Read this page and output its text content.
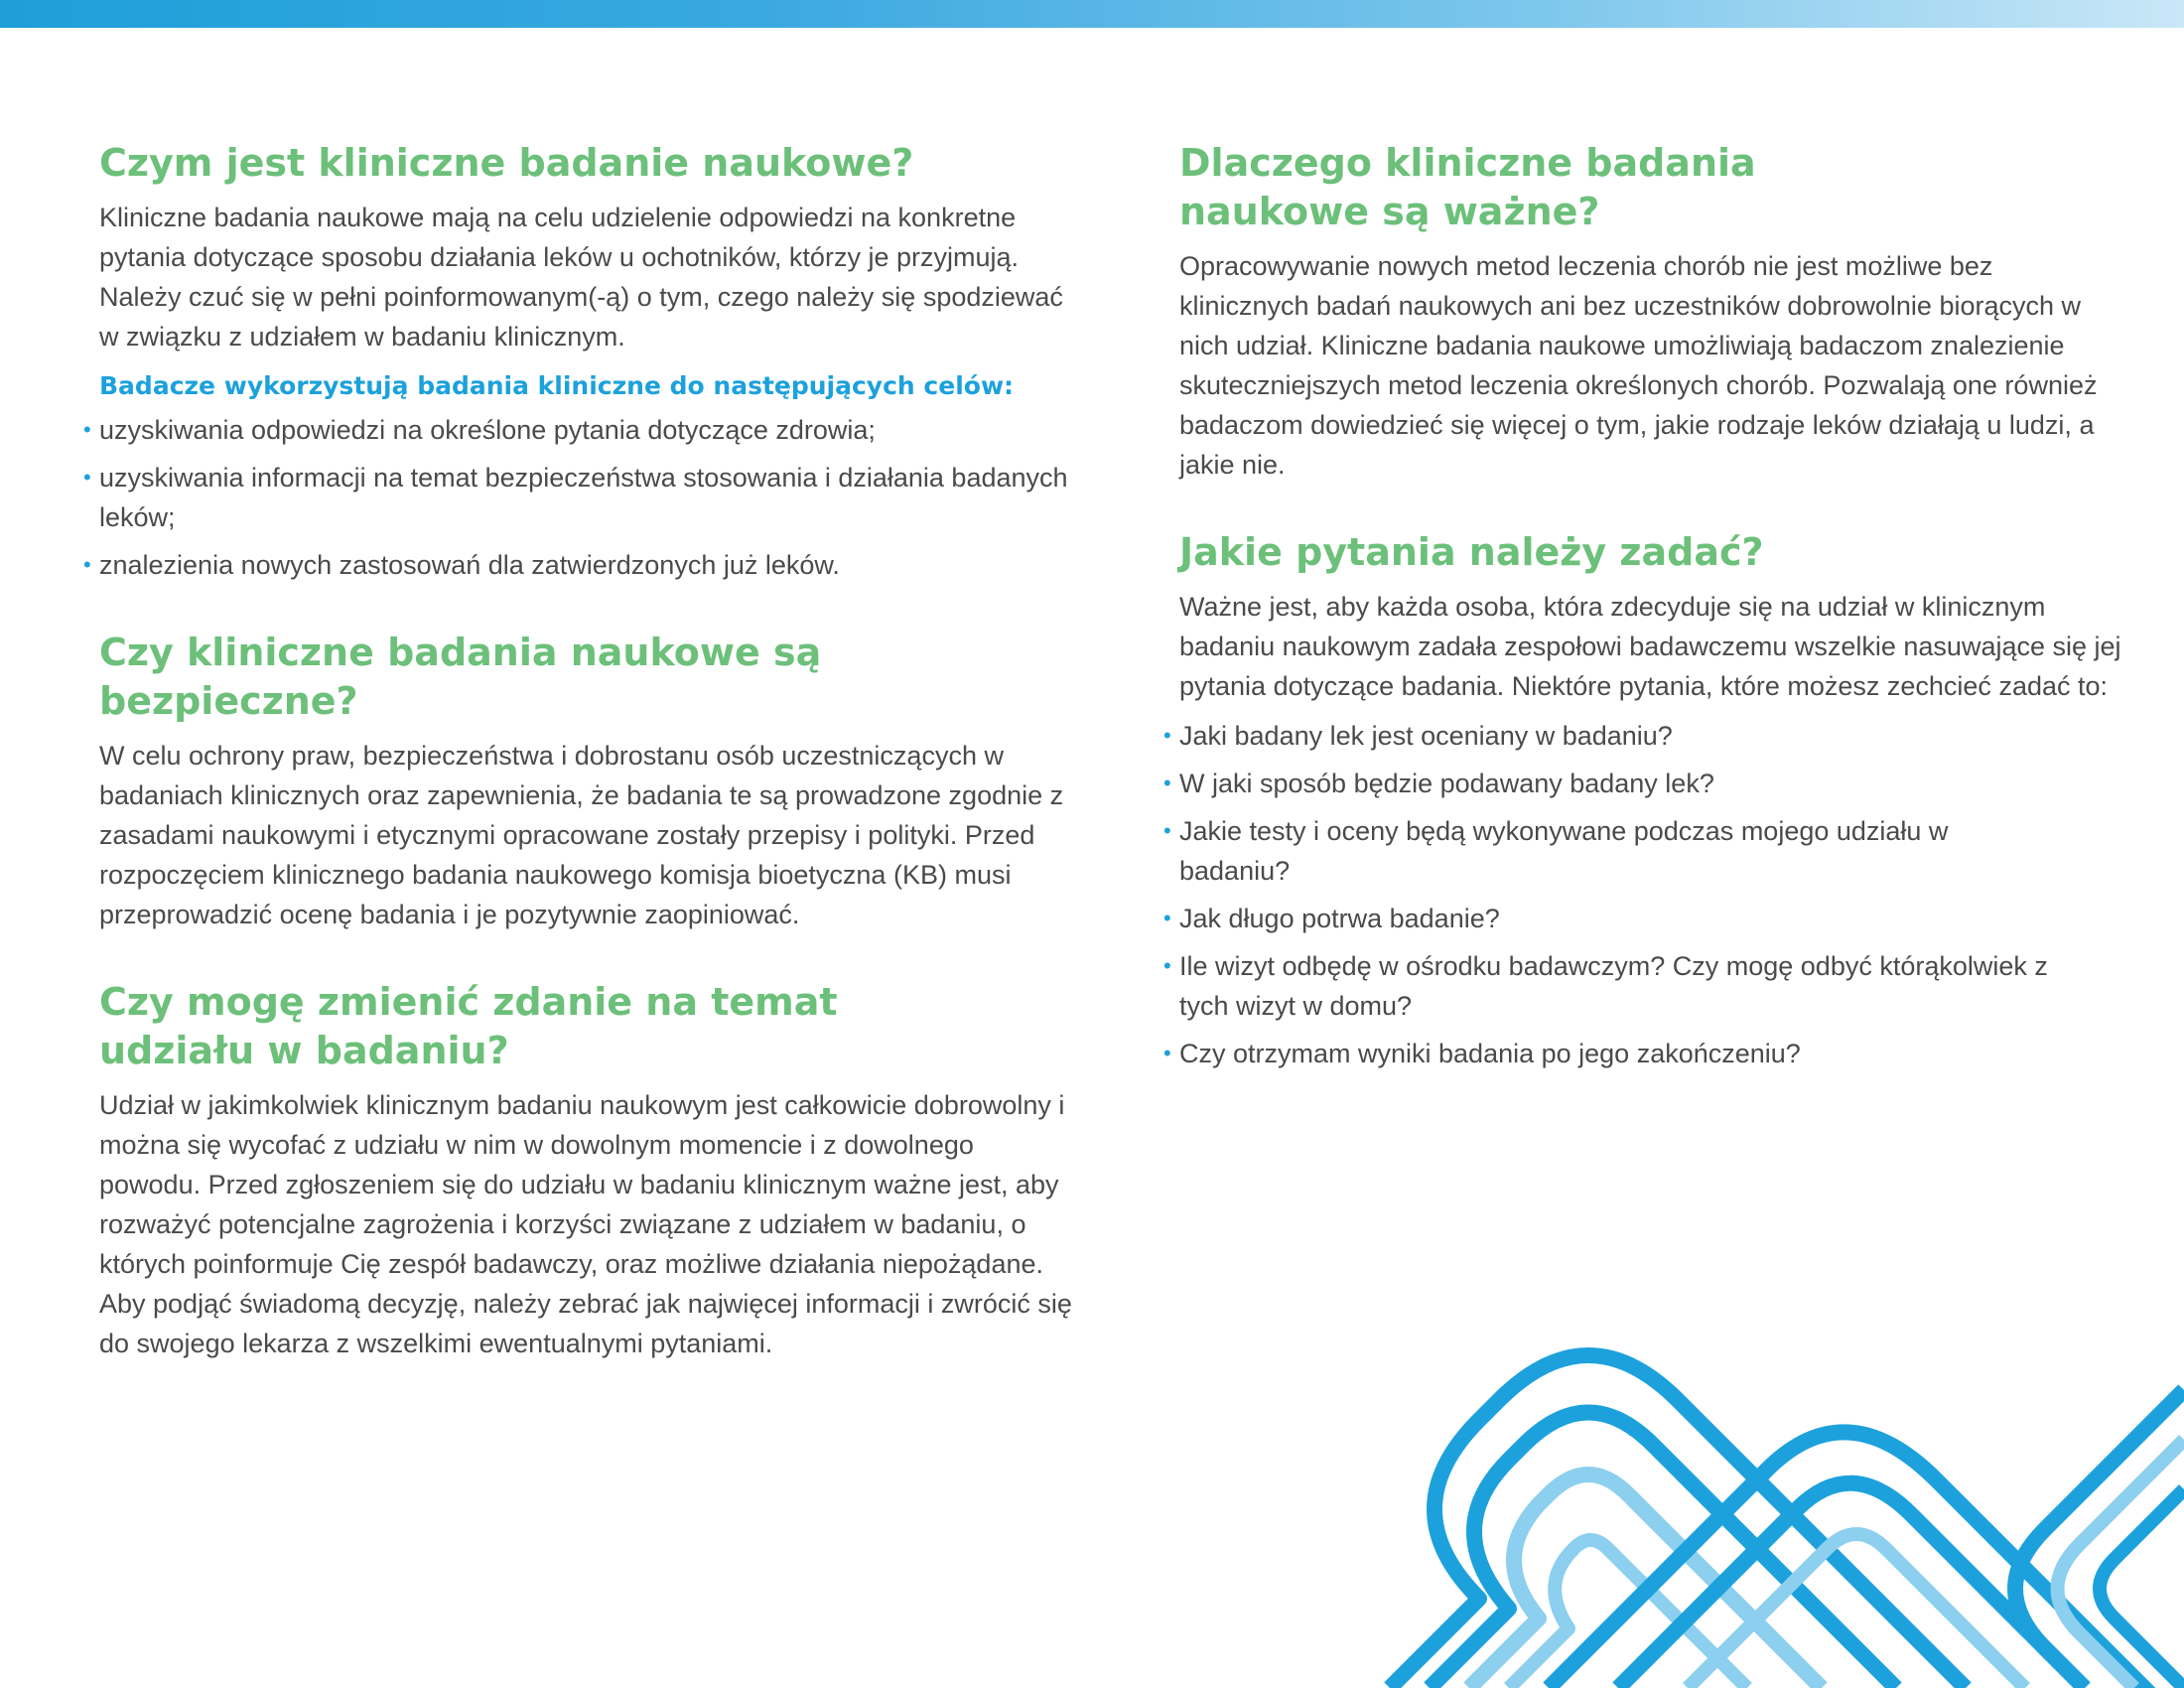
Czym jest kliniczne badanie naukowe?

Kliniczne badania naukowe mają na celu udzielenie odpowiedzi na konkretne pytania dotyczące sposobu działania leków u ochotników, którzy je przyjmują. Należy czuć się w pełni poinformowanym(-ą) o tym, czego należy się spodziewać w związku z udziałem w badaniu klinicznym.

Badacze wykorzystują badania kliniczne do następujących celów:
• uzyskiwania odpowiedzi na określone pytania dotyczące zdrowia;
• uzyskiwania informacji na temat bezpieczeństwa stosowania i działania badanych leków;
• znalezienia nowych zastosowań dla zatwierdzonych już leków.
Czy kliniczne badania naukowe są bezpieczne?

W celu ochrony praw, bezpieczeństwa i dobrostanu osób uczestniczących w badaniach klinicznych oraz zapewnienia, że badania te są prowadzone zgodnie z zasadami naukowymi i etycznymi opracowane zostały przepisy i polityki. Przed rozpoczęciem klinicznego badania naukowego komisja bioetyczna (KB) musi przeprowadzić ocenę badania i je pozytywnie zaopiniować.

Czy mogę zmienić zdanie na temat udziału w badaniu?

Udział w jakimkolwiek klinicznym badaniu naukowym jest całkowicie dobrowolny i można się wycofać z udziału w nim w dowolnym momencie i z dowolnego powodu. Przed zgłoszeniem się do udziału w badaniu klinicznym ważne jest, aby rozważyć potencjalne zagrożenia i korzyści związane z udziałem w badaniu, o których poinformuje Cię zespół badawczy, oraz możliwe działania niepożądane. Aby podjąć świadomą decyzję, należy zebrać jak najwięcej informacji i zwrócić się do swojego lekarza z wszelkimi ewentualnymi pytaniami.

Dlaczego kliniczne badania naukowe są ważne?

Opracowywanie nowych metod leczenia chorób nie jest możliwe bez klinicznych badań naukowych ani bez uczestników dobrowolnie biorących w nich udział. Kliniczne badania naukowe umożliwiają badaczom znalezienie skuteczniejszych metod leczenia określonych chorób. Pozwalają one również badaczom dowiedzieć się więcej o tym, jakie rodzaje leków działają u ludzi, a jakie nie.

Jakie pytania należy zadać?

Ważne jest, aby każda osoba, która zdecyduje się na udział w klinicznym badaniu naukowym zadała zespołowi badawczemu wszelkie nasuwające się jej pytania dotyczące badania. Niektóre pytania, które możesz zechcieć zadać to:

• Jaki badany lek jest oceniany w badaniu?
• W jaki sposób będzie podawany badany lek?
• Jakie testy i oceny będą wykonywane podczas mojego udziału w badaniu?
• Jak długo potrwa badanie?
• Ile wizyt odbędę w ośrodku badawczym? Czy mogę odbyć którąkolwiek z tych wizyt w domu?
• Czy otrzymam wyniki badania po jego zakończeniu?
